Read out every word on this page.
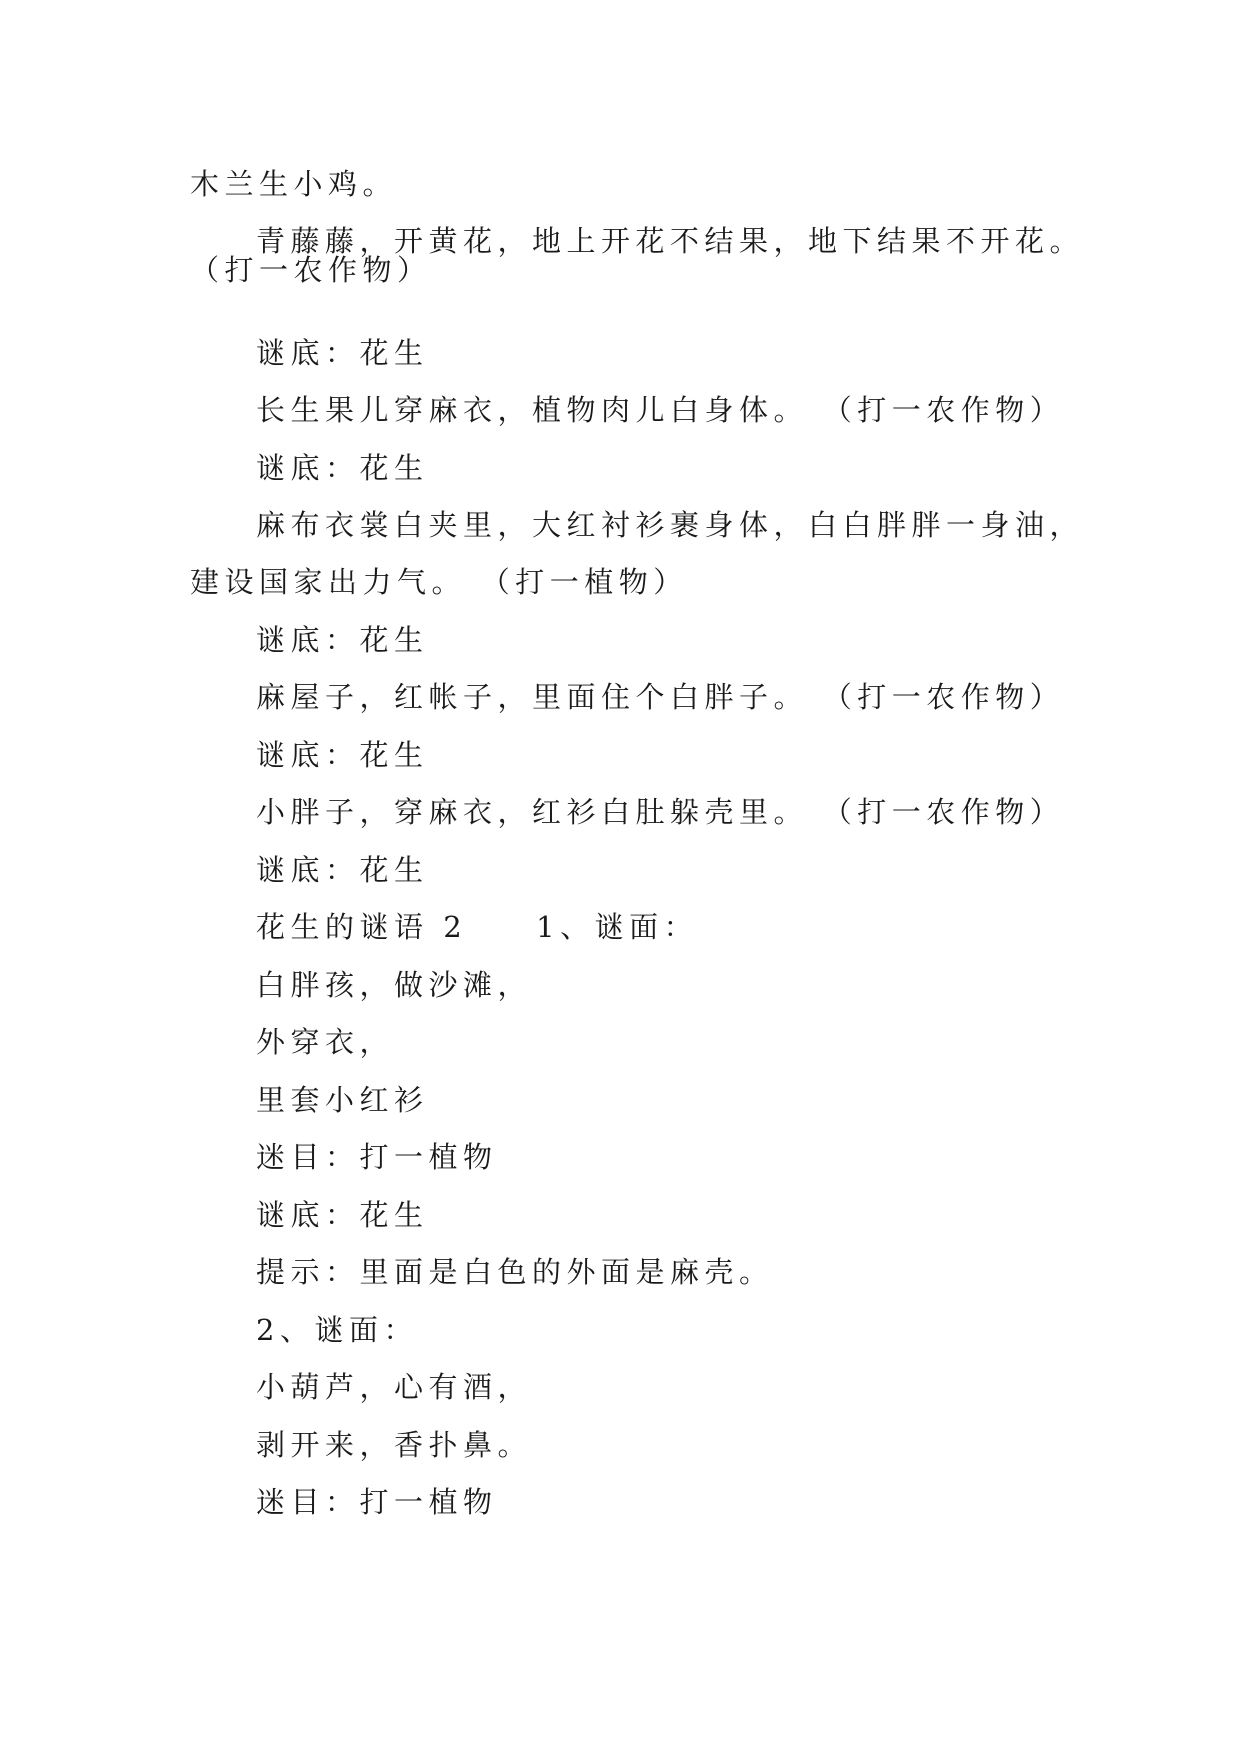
木兰生小鸡。
青藤藤，开黄花，地上开花不结果，地下结果不开花。
（打一农作物）
谜底：花生
长生果儿穿麻衣，植物肉儿白身体。 （打一农作物）
谜底：花生
麻布衣裳白夹里，大红衬衫裹身体，白白胖胖一身油，
建设国家出力气。 （打一植物）
谜底：花生
麻屋子，红帐子，里面住个白胖子。 （打一农作物）
谜底：花生
小胖子，穿麻衣，红衫白肚躲壳里。 （打一农作物）
谜底：花生
花生的谜语 2　　1、谜面：
白胖孩，做沙滩，
外穿衣，
里套小红衫
迷目：打一植物
谜底：花生
提示：里面是白色的外面是麻壳。
2、谜面：
小葫芦，心有酒，
剥开来，香扑鼻。
迷目：打一植物
